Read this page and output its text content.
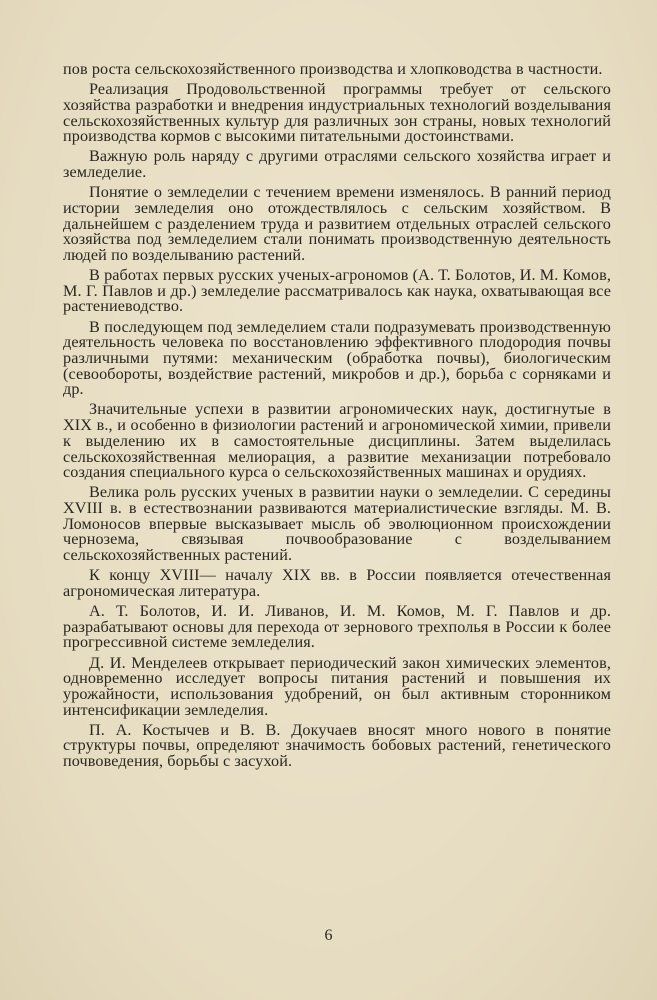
пов роста сельскохозяйственного производства и хлопководства в частности.

Реализация Продовольственной программы требует от сельского хозяйства разработки и внедрения индустриальных технологий возделывания сельскохозяйственных культур для различных зон страны, новых технологий производства кормов с высокими питательными достоинствами.

Важную роль наряду с другими отраслями сельского хозяйства играет и земледелие.

Понятие о земледелии с течением времени изменялось. В ранний период истории земледелия оно отождествлялось с сельским хозяйством. В дальнейшем с разделением труда и развитием отдельных отраслей сельского хозяйства под земледелием стали понимать производственную деятельность людей по возделыванию растений.

В работах первых русских ученых-агрономов (А. Т. Болотов, И. М. Комов, М. Г. Павлов и др.) земледелие рассматривалось как наука, охватывающая все растениеводство.

В последующем под земледелием стали подразумевать производственную деятельность человека по восстановлению эффективного плодородия почвы различными путями: механическим (обработка почвы), биологическим (севообороты, воздействие растений, микробов и др.), борьба с сорняками и др.

Значительные успехи в развитии агрономических наук, достигнутые в XIX в., и особенно в физиологии растений и агрономической химии, привели к выделению их в самостоятельные дисциплины. Затем выделилась сельскохозяйственная мелиорация, а развитие механизации потребовало создания специального курса о сельскохозяйственных машинах и орудиях.

Велика роль русских ученых в развитии науки о земледелии. С середины XVIII в. в естествознании развиваются материалистические взгляды. М. В. Ломоносов впервые высказывает мысль об эволюционном происхождении чернозема, связывая почвообразование с возделыванием сельскохозяйственных растений.

К концу XVIII— началу XIX вв. в России появляется отечественная агрономическая литература.

А. Т. Болотов, И. И. Ливанов, И. М. Комов, М. Г. Павлов и др. разрабатывают основы для перехода от зернового трехполья в России к более прогрессивной системе земледелия.

Д. И. Менделеев открывает периодический закон химических элементов, одновременно исследует вопросы питания растений и повышения их урожайности, использования удобрений, он был активным сторонником интенсификации земледелия.

П. А. Костычев и В. В. Докучаев вносят много нового в понятие структуры почвы, определяют значимость бобовых растений, генетического почвоведения, борьбы с засухой.

6
